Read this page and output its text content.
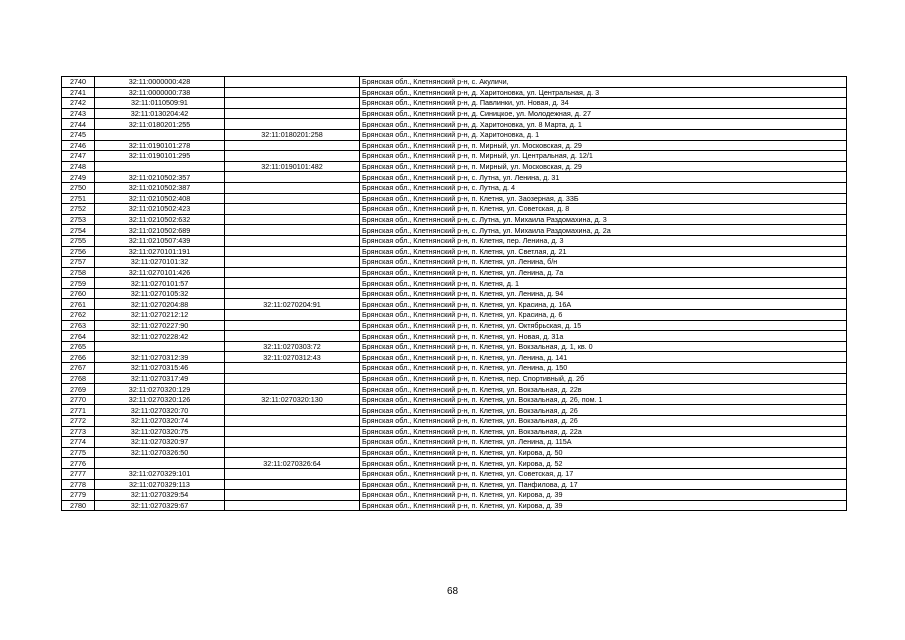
2740	32:11:0000000:428		Брянская обл., Клетнянский р-н, с. Акуличи,
2741	32:11:0000000:738		Брянская обл., Клетнянский р-н, д. Харитоновка, ул. Центральная, д. 3
2742	32:11:0110509:91		Брянская обл., Клетнянский р-н, д. Павлинки, ул. Новая, д. 34
2743	32:11:0130204:42		Брянская обл., Клетнянский р-н, д. Синицкое, ул. Молодежная, д. 27
2744	32:11:0180201:255		Брянская обл., Клетнянский р-н, д. Харитоновка, ул. 8 Марта, д. 1
2745		32:11:0180201:258	Брянская обл., Клетнянский р-н, д. Харитоновка, д. 1
2746	32:11:0190101:278		Брянская обл., Клетнянский р-н, п. Мирный, ул. Московская, д. 29
2747	32:11:0190101:295		Брянская обл., Клетнянский р-н, п. Мирный, ул. Центральная, д. 12/1
2748		32:11:0190101:482	Брянская обл., Клетнянский р-н, п. Мирный, ул. Московская, д. 29
2749	32:11:0210502:357		Брянская обл., Клетнянский р-н, с. Лутна, ул. Ленина, д. 31
2750	32:11:0210502:387		Брянская обл., Клетнянский р-н, с. Лутна, д. 4
2751	32:11:0210502:408		Брянская обл., Клетнянский р-н, п. Клетня, ул. Заозерная, д. 33Б
2752	32:11:0210502:423		Брянская обл., Клетнянский р-н, п. Клетня, ул. Советская, д. 8
2753	32:11:0210502:632		Брянская обл., Клетнянский р-н, с. Лутна, ул. Михаила Раздомахина, д. 3
2754	32:11:0210502:689		Брянская обл., Клетнянский р-н, с. Лутна, ул. Михаила Раздомахина, д. 2а
2755	32:11:0210507:439		Брянская обл., Клетнянский р-н, п. Клетня, пер. Ленина, д. 3
2756	32:11:0270101:191		Брянская обл., Клетнянский р-н, п. Клетня, ул. Светлая, д. 21
2757	32:11:0270101:32		Брянская обл., Клетнянский р-н, п. Клетня, ул. Ленина, б/н
2758	32:11:0270101:426		Брянская обл., Клетнянский р-н, п. Клетня, ул. Ленина, д. 7а
2759	32:11:0270101:57		Брянская обл., Клетнянский р-н, п. Клетня, д. 1
2760	32:11:0270105:32		Брянская обл., Клетнянский р-н, п. Клетня, ул. Ленина, д. 94
2761	32:11:0270204:88	32:11:0270204:91	Брянская обл., Клетнянский р-н, п. Клетня, ул. Красина, д. 16А
2762	32:11:0270212:12		Брянская обл., Клетнянский р-н, п. Клетня, ул. Красина, д. 6
2763	32:11:0270227:90		Брянская обл., Клетнянский р-н, п. Клетня, ул. Октябрьская, д. 15
2764	32:11:0270228:42		Брянская обл., Клетнянский р-н, п. Клетня, ул. Новая, д. 31а
2765		32:11:0270303:72	Брянская обл., Клетнянский р-н, п. Клетня, ул. Вокзальная, д. 1, кв. 0
2766	32:11:0270312:39	32:11:0270312:43	Брянская обл., Клетнянский р-н, п. Клетня, ул. Ленина, д. 141
2767	32:11:0270315:46		Брянская обл., Клетнянский р-н, п. Клетня, ул. Ленина, д. 150
2768	32:11:0270317:49		Брянская обл., Клетнянский р-н, п. Клетня, пер. Спортивный, д. 2б
2769	32:11:0270320:129		Брянская обл., Клетнянский р-н, п. Клетня, ул. Вокзальная, д. 22в
2770	32:11:0270320:126	32:11:0270320:130	Брянская обл., Клетнянский р-н, п. Клетня, ул. Вокзальная, д. 26, пом. 1
2771	32:11:0270320:70		Брянская обл., Клетнянский р-н, п. Клетня, ул. Вокзальная, д. 26
2772	32:11:0270320:74		Брянская обл., Клетнянский р-н, п. Клетня, ул. Вокзальная, д. 26
2773	32:11:0270320:75		Брянская обл., Клетнянский р-н, п. Клетня, ул. Вокзальная, д. 22а
2774	32:11:0270320:97		Брянская обл., Клетнянский р-н, п. Клетня, ул. Ленина, д. 115А
2775	32:11:0270326:50		Брянская обл., Клетнянский р-н, п. Клетня, ул. Кирова, д. 50
2776		32:11:0270326:64	Брянская обл., Клетнянский р-н, п. Клетня, ул. Кирова, д. 52
2777	32:11:0270329:101		Брянская обл., Клетнянский р-н, п. Клетня, ул. Советская, д. 17
2778	32:11:0270329:113		Брянская обл., Клетнянский р-н, п. Клетня, ул. Панфилова, д. 17
2779	32:11:0270329:54		Брянская обл., Клетнянский р-н, п. Клетня, ул. Кирова, д. 39
2780	32:11:0270329:67		Брянская обл., Клетнянский р-н, п. Клетня, ул. Кирова, д. 39
68
